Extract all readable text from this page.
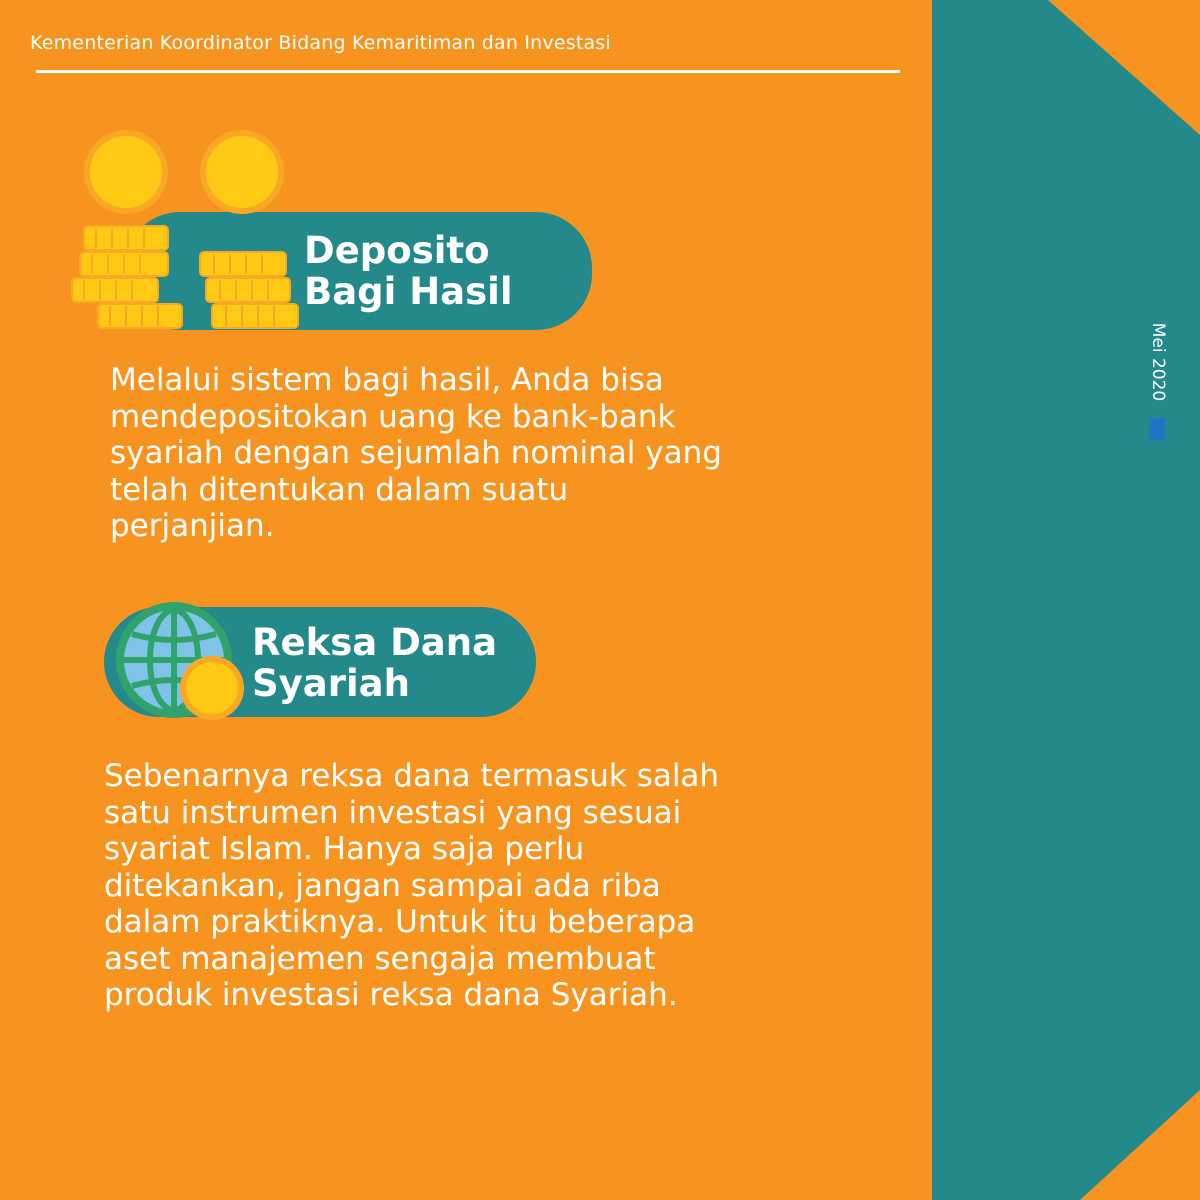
Kementerian Koordinator Bidang Kemaritiman dan Investasi
Mei 2020
Deposito
Bagi Hasil
Melalui sistem bagi hasil, Anda bisa
mendepositokan uang ke bank-bank
syariah dengan sejumlah nominal yang
telah ditentukan dalam suatu
perjanjian.
Reksa Dana
Syariah
Sebenarnya reksa dana termasuk salah
satu instrumen investasi yang sesuai
syariat Islam. Hanya saja perlu
ditekankan, jangan sampai ada riba
dalam praktiknya. Untuk itu beberapa
aset manajemen sengaja membuat
produk investasi reksa dana Syariah.
